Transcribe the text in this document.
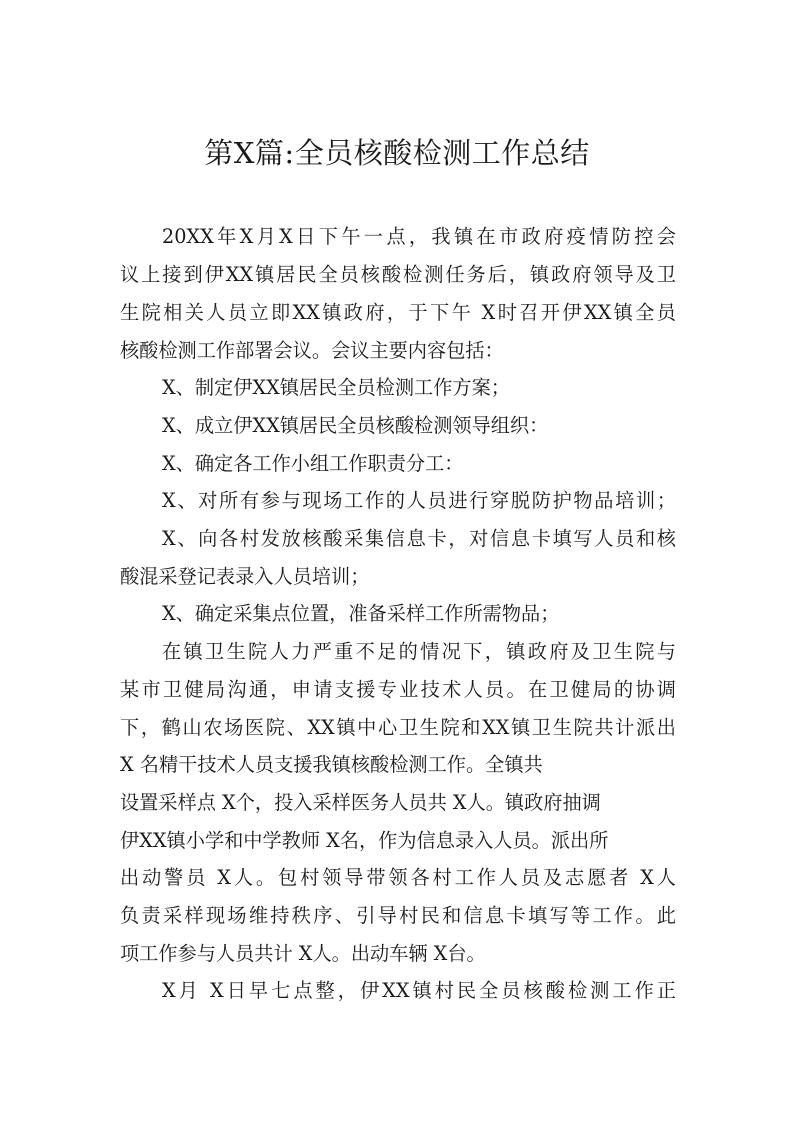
第X篇:全员核酸检测工作总结

20XX年X月X日下午一点，我镇在市政府疫情防控会

议上接到伊XX镇居民全员核酸检测任务后，镇政府领导及卫

生院相关人员立即XX镇政府，于下午 X时召开伊XX镇全员

核酸检测工作部署会议。会议主要内容包括：

X、制定伊XX镇居民全员检测工作方案；

X、成立伊XX镇居民全员核酸检测领导组织：

X、确定各工作小组工作职责分工：

X、对所有参与现场工作的人员进行穿脱防护物品培训；

X、向各村发放核酸采集信息卡，对信息卡填写人员和核

酸混采登记表录入人员培训；

X、确定采集点位置，准备采样工作所需物品；

在镇卫生院人力严重不足的情况下，镇政府及卫生院与

某市卫健局沟通，申请支援专业技术人员。在卫健局的协调

下，鹤山农场医院、XX镇中心卫生院和XX镇卫生院共计派出

X 名精干技术人员支援我镇核酸检测工作。全镇共

设置采样点 X个，投入采样医务人员共 X人。镇政府抽调

伊XX镇小学和中学教师 X名，作为信息录入人员。派出所

出动警员 X人。包村领导带领各村工作人员及志愿者 X人

负责采样现场维持秩序、引导村民和信息卡填写等工作。此

项工作参与人员共计 X人。出动车辆 X台。

X月 X日早七点整，伊XX镇村民全员核酸检测工作正
